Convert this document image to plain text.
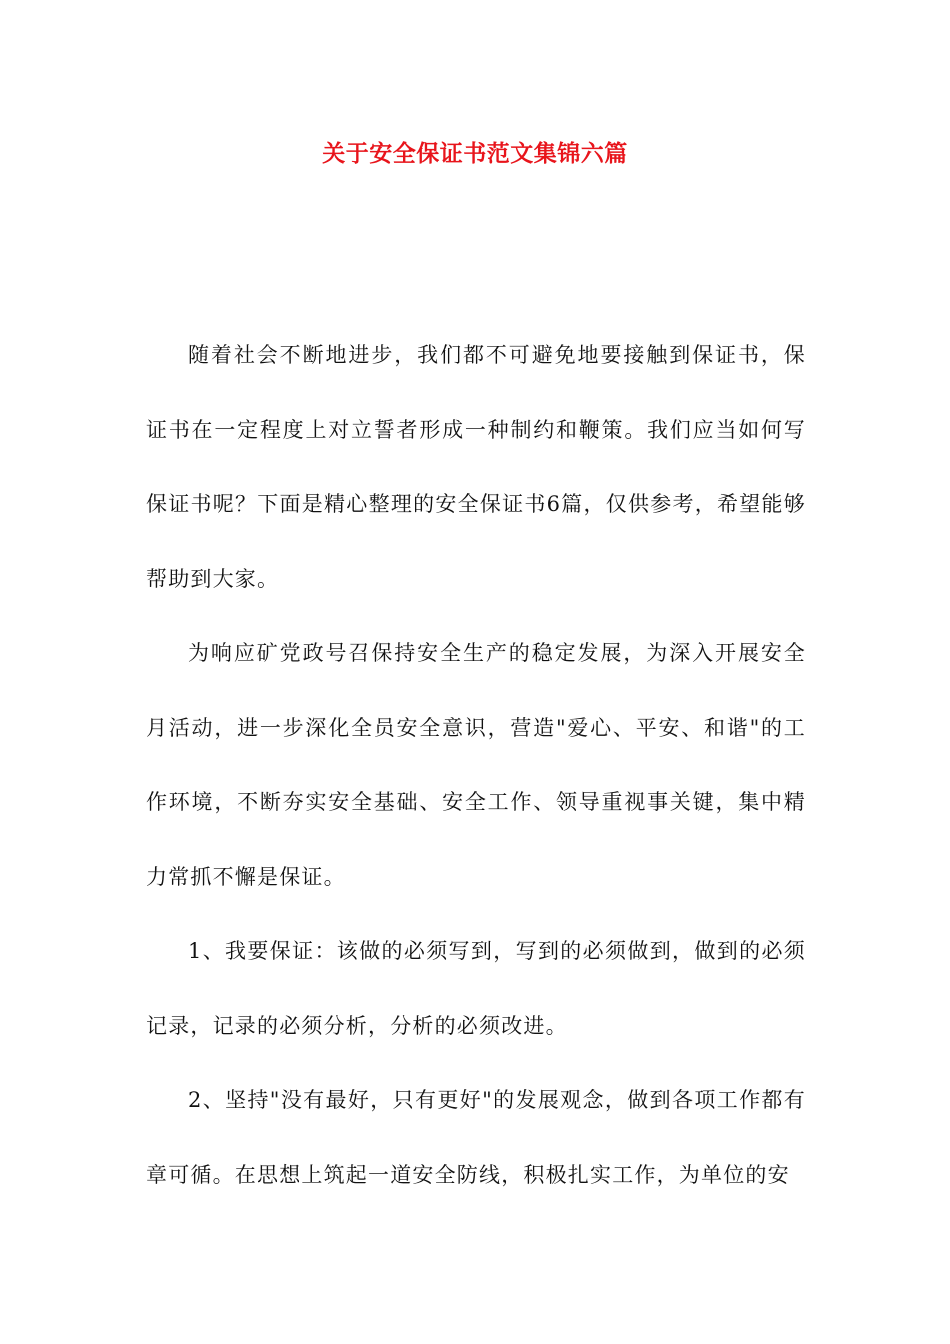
关于安全保证书范文集锦六篇

随着社会不断地进步，我们都不可避免地要接触到保证书，保证书在一定程度上对立誓者形成一种制约和鞭策。我们应当如何写保证书呢？下面是精心整理的安全保证书6篇，仅供参考，希望能够帮助到大家。

为响应矿党政号召保持安全生产的稳定发展，为深入开展安全月活动，进一步深化全员安全意识，营造"爱心、平安、和谐"的工作环境，不断夯实安全基础、安全工作、领导重视事关键，集中精力常抓不懈是保证。

1、我要保证：该做的必须写到，写到的必须做到，做到的必须记录，记录的必须分析，分析的必须改进。

2、坚持"没有最好，只有更好"的发展观念，做到各项工作都有章可循。在思想上筑起一道安全防线，积极扎实工作，为单位的安
